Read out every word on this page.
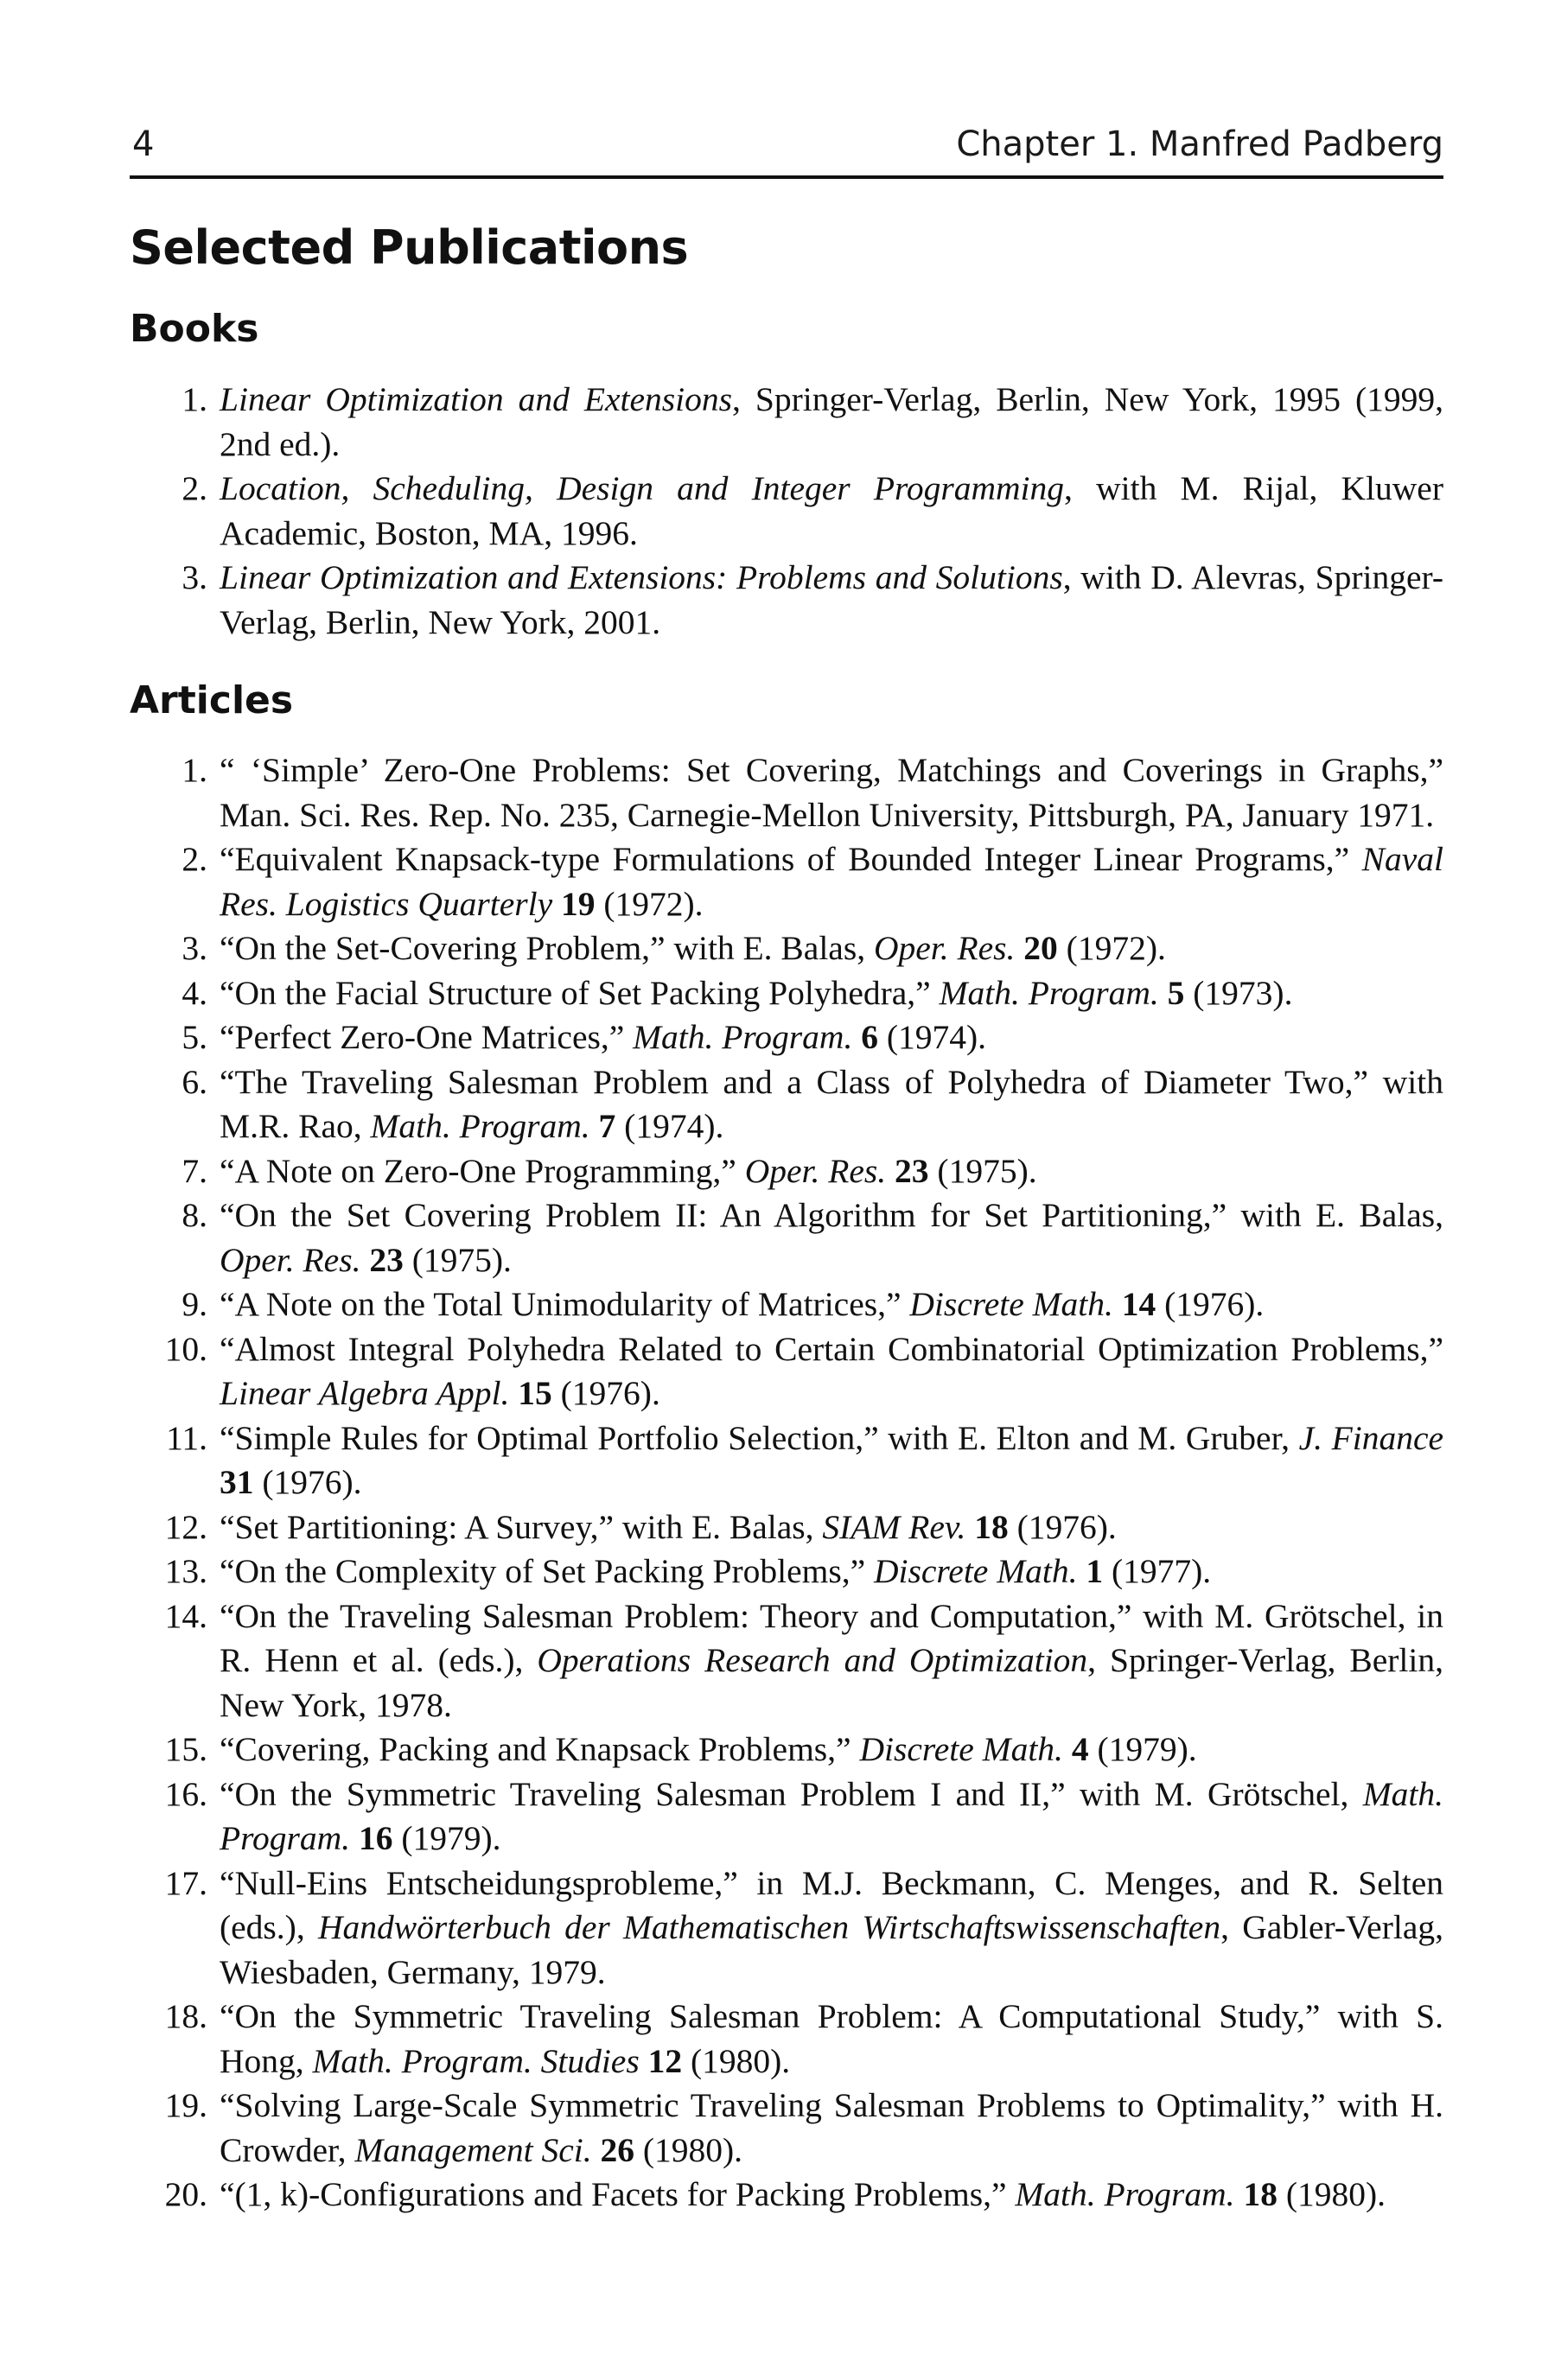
4	Chapter 1. Manfred Padberg
Selected Publications
Books
1. Linear Optimization and Extensions, Springer-Verlag, Berlin, New York, 1995 (1999, 2nd ed.).
2. Location, Scheduling, Design and Integer Programming, with M. Rijal, Kluwer Academic, Boston, MA, 1996.
3. Linear Optimization and Extensions: Problems and Solutions, with D. Alevras, Springer-Verlag, Berlin, New York, 2001.
Articles
1. “ ‘Simple’ Zero-One Problems: Set Covering, Matchings and Coverings in Graphs,” Man. Sci. Res. Rep. No. 235, Carnegie-Mellon University, Pittsburgh, PA, January 1971.
2. “Equivalent Knapsack-type Formulations of Bounded Integer Linear Programs,” Naval Res. Logistics Quarterly 19 (1972).
3. “On the Set-Covering Problem,” with E. Balas, Oper. Res. 20 (1972).
4. “On the Facial Structure of Set Packing Polyhedra,” Math. Program. 5 (1973).
5. “Perfect Zero-One Matrices,” Math. Program. 6 (1974).
6. “The Traveling Salesman Problem and a Class of Polyhedra of Diameter Two,” with M.R. Rao, Math. Program. 7 (1974).
7. “A Note on Zero-One Programming,” Oper. Res. 23 (1975).
8. “On the Set Covering Problem II: An Algorithm for Set Partitioning,” with E. Balas, Oper. Res. 23 (1975).
9. “A Note on the Total Unimodularity of Matrices,” Discrete Math. 14 (1976).
10. “Almost Integral Polyhedra Related to Certain Combinatorial Optimization Problems,” Linear Algebra Appl. 15 (1976).
11. “Simple Rules for Optimal Portfolio Selection,” with E. Elton and M. Gruber, J. Finance 31 (1976).
12. “Set Partitioning: A Survey,” with E. Balas, SIAM Rev. 18 (1976).
13. “On the Complexity of Set Packing Problems,” Discrete Math. 1 (1977).
14. “On the Traveling Salesman Problem: Theory and Computation,” with M. Grötschel, in R. Henn et al. (eds.), Operations Research and Optimization, Springer-Verlag, Berlin, New York, 1978.
15. “Covering, Packing and Knapsack Problems,” Discrete Math. 4 (1979).
16. “On the Symmetric Traveling Salesman Problem I and II,” with M. Grötschel, Math. Program. 16 (1979).
17. “Null-Eins Entscheidungsprobleme,” in M.J. Beckmann, C. Menges, and R. Selten (eds.), Handwörterbuch der Mathematischen Wirtschaftswissenschaften, Gabler-Verlag, Wiesbaden, Germany, 1979.
18. “On the Symmetric Traveling Salesman Problem: A Computational Study,” with S. Hong, Math. Program. Studies 12 (1980).
19. “Solving Large-Scale Symmetric Traveling Salesman Problems to Optimality,” with H. Crowder, Management Sci. 26 (1980).
20. “(1, k)-Configurations and Facets for Packing Problems,” Math. Program. 18 (1980).
